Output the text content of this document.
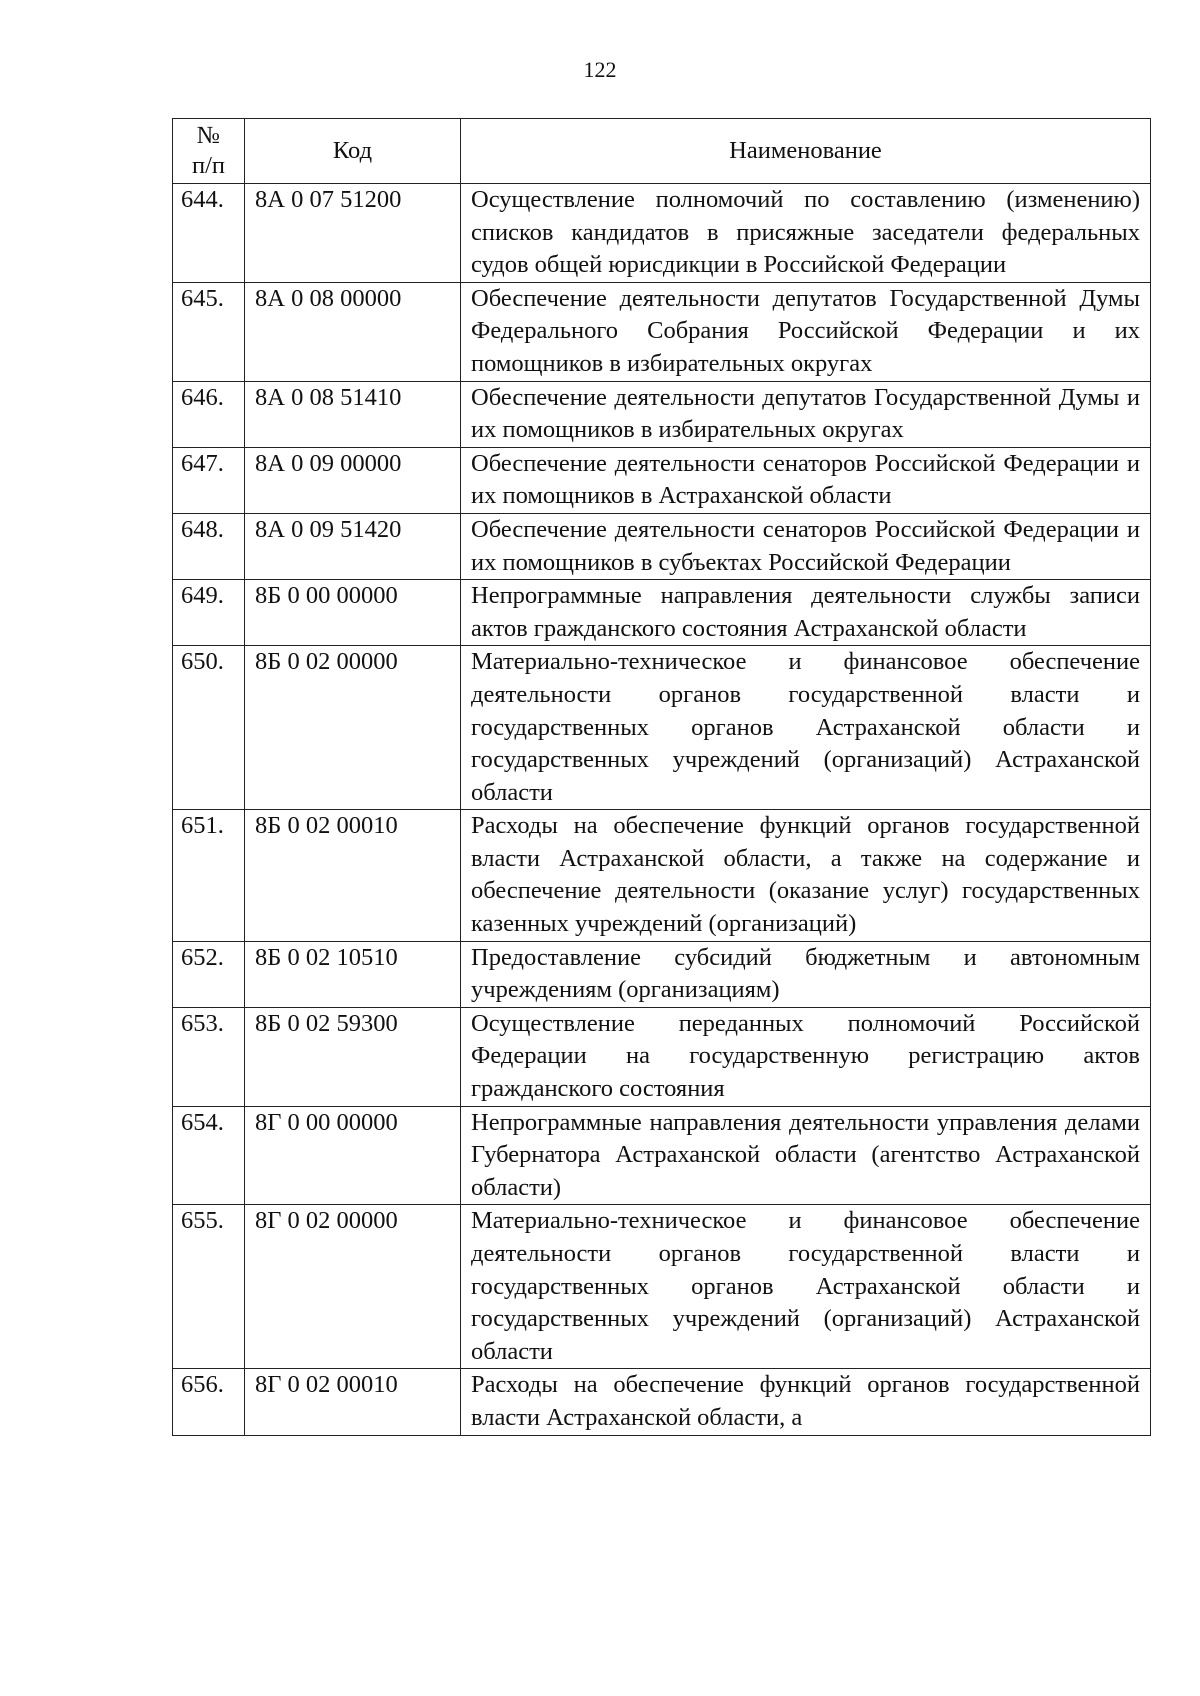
122
№
п/п	Код	Наименование
644.	8А 0 07 51200	Осуществление полномочий по составлению (изменению) списков кандидатов в присяжные заседатели федеральных судов общей юрисдикции в Российской Федерации
645.	8А 0 08 00000	Обеспечение деятельности депутатов Государственной Думы Федерального Собрания Российской Федерации и их помощников в избирательных округах
646.	8А 0 08 51410	Обеспечение деятельности депутатов Государственной Думы и их помощников в избирательных округах
647.	8А 0 09 00000	Обеспечение деятельности сенаторов Российской Федерации и их помощников в Астраханской области
648.	8А 0 09 51420	Обеспечение деятельности сенаторов Российской Федерации и их помощников в субъектах Российской Федерации
649.	8Б 0 00 00000	Непрограммные направления деятельности службы записи актов гражданского состояния Астраханской области
650.	8Б 0 02 00000	Материально-техническое и финансовое обеспечение деятельности органов государственной власти и государственных органов Астраханской области и государственных учреждений (организаций) Астраханской области
651.	8Б 0 02 00010	Расходы на обеспечение функций органов государственной власти Астраханской области, а также на содержание и обеспечение деятельности (оказание услуг) государственных казенных учреждений (организаций)
652.	8Б 0 02 10510	Предоставление субсидий бюджетным и автономным учреждениям (организациям)
653.	8Б 0 02 59300	Осуществление переданных полномочий Российской Федерации на государственную регистрацию актов гражданского состояния
654.	8Г 0 00 00000	Непрограммные направления деятельности управления делами Губернатора Астраханской области (агентство Астраханской области)
655.	8Г 0 02 00000	Материально-техническое и финансовое обеспечение деятельности органов государственной власти и государственных органов Астраханской области и государственных учреждений (организаций) Астраханской области
656.	8Г 0 02 00010	Расходы на обеспечение функций органов государственной власти Астраханской области, а
